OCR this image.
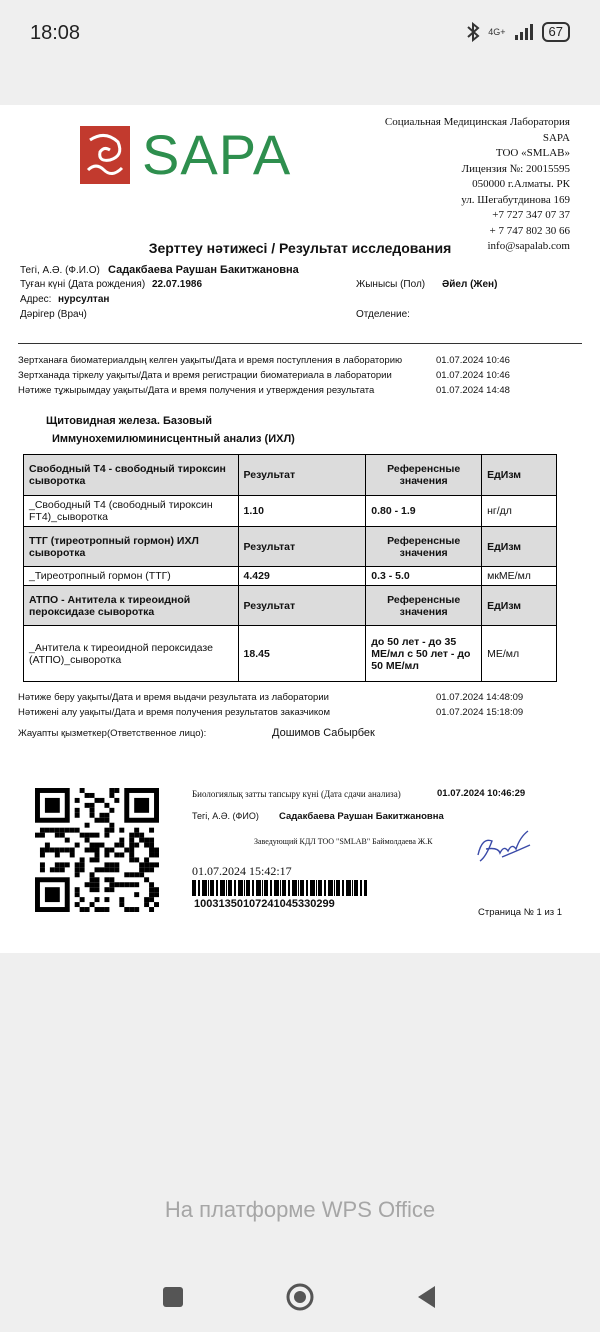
18:08	4G+	67
SAPA
Социальная Медицинская Лаборатория
SAPA
ТОО «SMLAB»
Лицензия №: 20015595
050000 г.Алматы. РК
ул. Шегабутдинова 169
+7 727 347 07 37
+ 7 747 802 30 66
info@sapalab.com
Зерттеу нәтижесі / Результат исследования
Тегі, А.Ә. (Ф.И.О) Садакбаева Раушан Бакитжановна
Туған күні (Дата рождения) 22.07.1986	Жынысы (Пол) Әйел (Жен)
Адрес: нурсултан
Дәрігер (Врач)	Отделение:
Зертханаға биоматериалдың келген уақыты/Дата и время поступления в лабораторию	01.07.2024 10:46
Зертханада тіркелу уақыты/Дата и время регистрации биоматериала в лаборатории	01.07.2024 10:46
Нәтиже тұжырымдау уақыты/Дата и время получения и утверждения результата	01.07.2024 14:48
Щитовидная железа. Базовый
Иммунохемилюминисцентный анализ (ИХЛ)
Свободный Т4 - свободный тироксин сыворотка	Результат	Референсные значения	ЕдИзм
_Свободный Т4 (свободный тироксин FT4)_сыворотка	1.10	0.80 - 1.9	нг/дл
ТТГ (тиреотропный гормон) ИХЛ сыворотка	Результат	Референсные значения	ЕдИзм
_Тиреотропный гормон (ТТГ)	4.429	0.3 - 5.0	мкМЕ/мл
АТПО - Антитела к тиреоидной пероксидазе сыворотка	Результат	Референсные значения	ЕдИзм
_Антитела к тиреоидной пероксидазе (АТПО)_сыворотка	18.45	до 50 лет - до 35 МЕ/мл с 50 лет - до 50 МЕ/мл	МЕ/мл
Нәтиже беру уақыты/Дата и время выдачи результата из лаборатории	01.07.2024 14:48:09
Нәтижені алу уақыты/Дата и время получения результатов заказчиком	01.07.2024 15:18:09
Жауапты қызметкер(Ответственное лицо):	Дошимов Сабырбек
Биологиялық затты тапсыру күні (Дата сдачи анализа)	01.07.2024 10:46:29
Тегі, А.Ә. (ФИО) Садакбаева Раушан Бакитжановна
Заведующий КДЛ ТОО "SMLAB" Баймолдаева Ж.К
01.07.2024 15:42:17
10031350107241045330299
Страница № 1 из 1
На платформе WPS Office
